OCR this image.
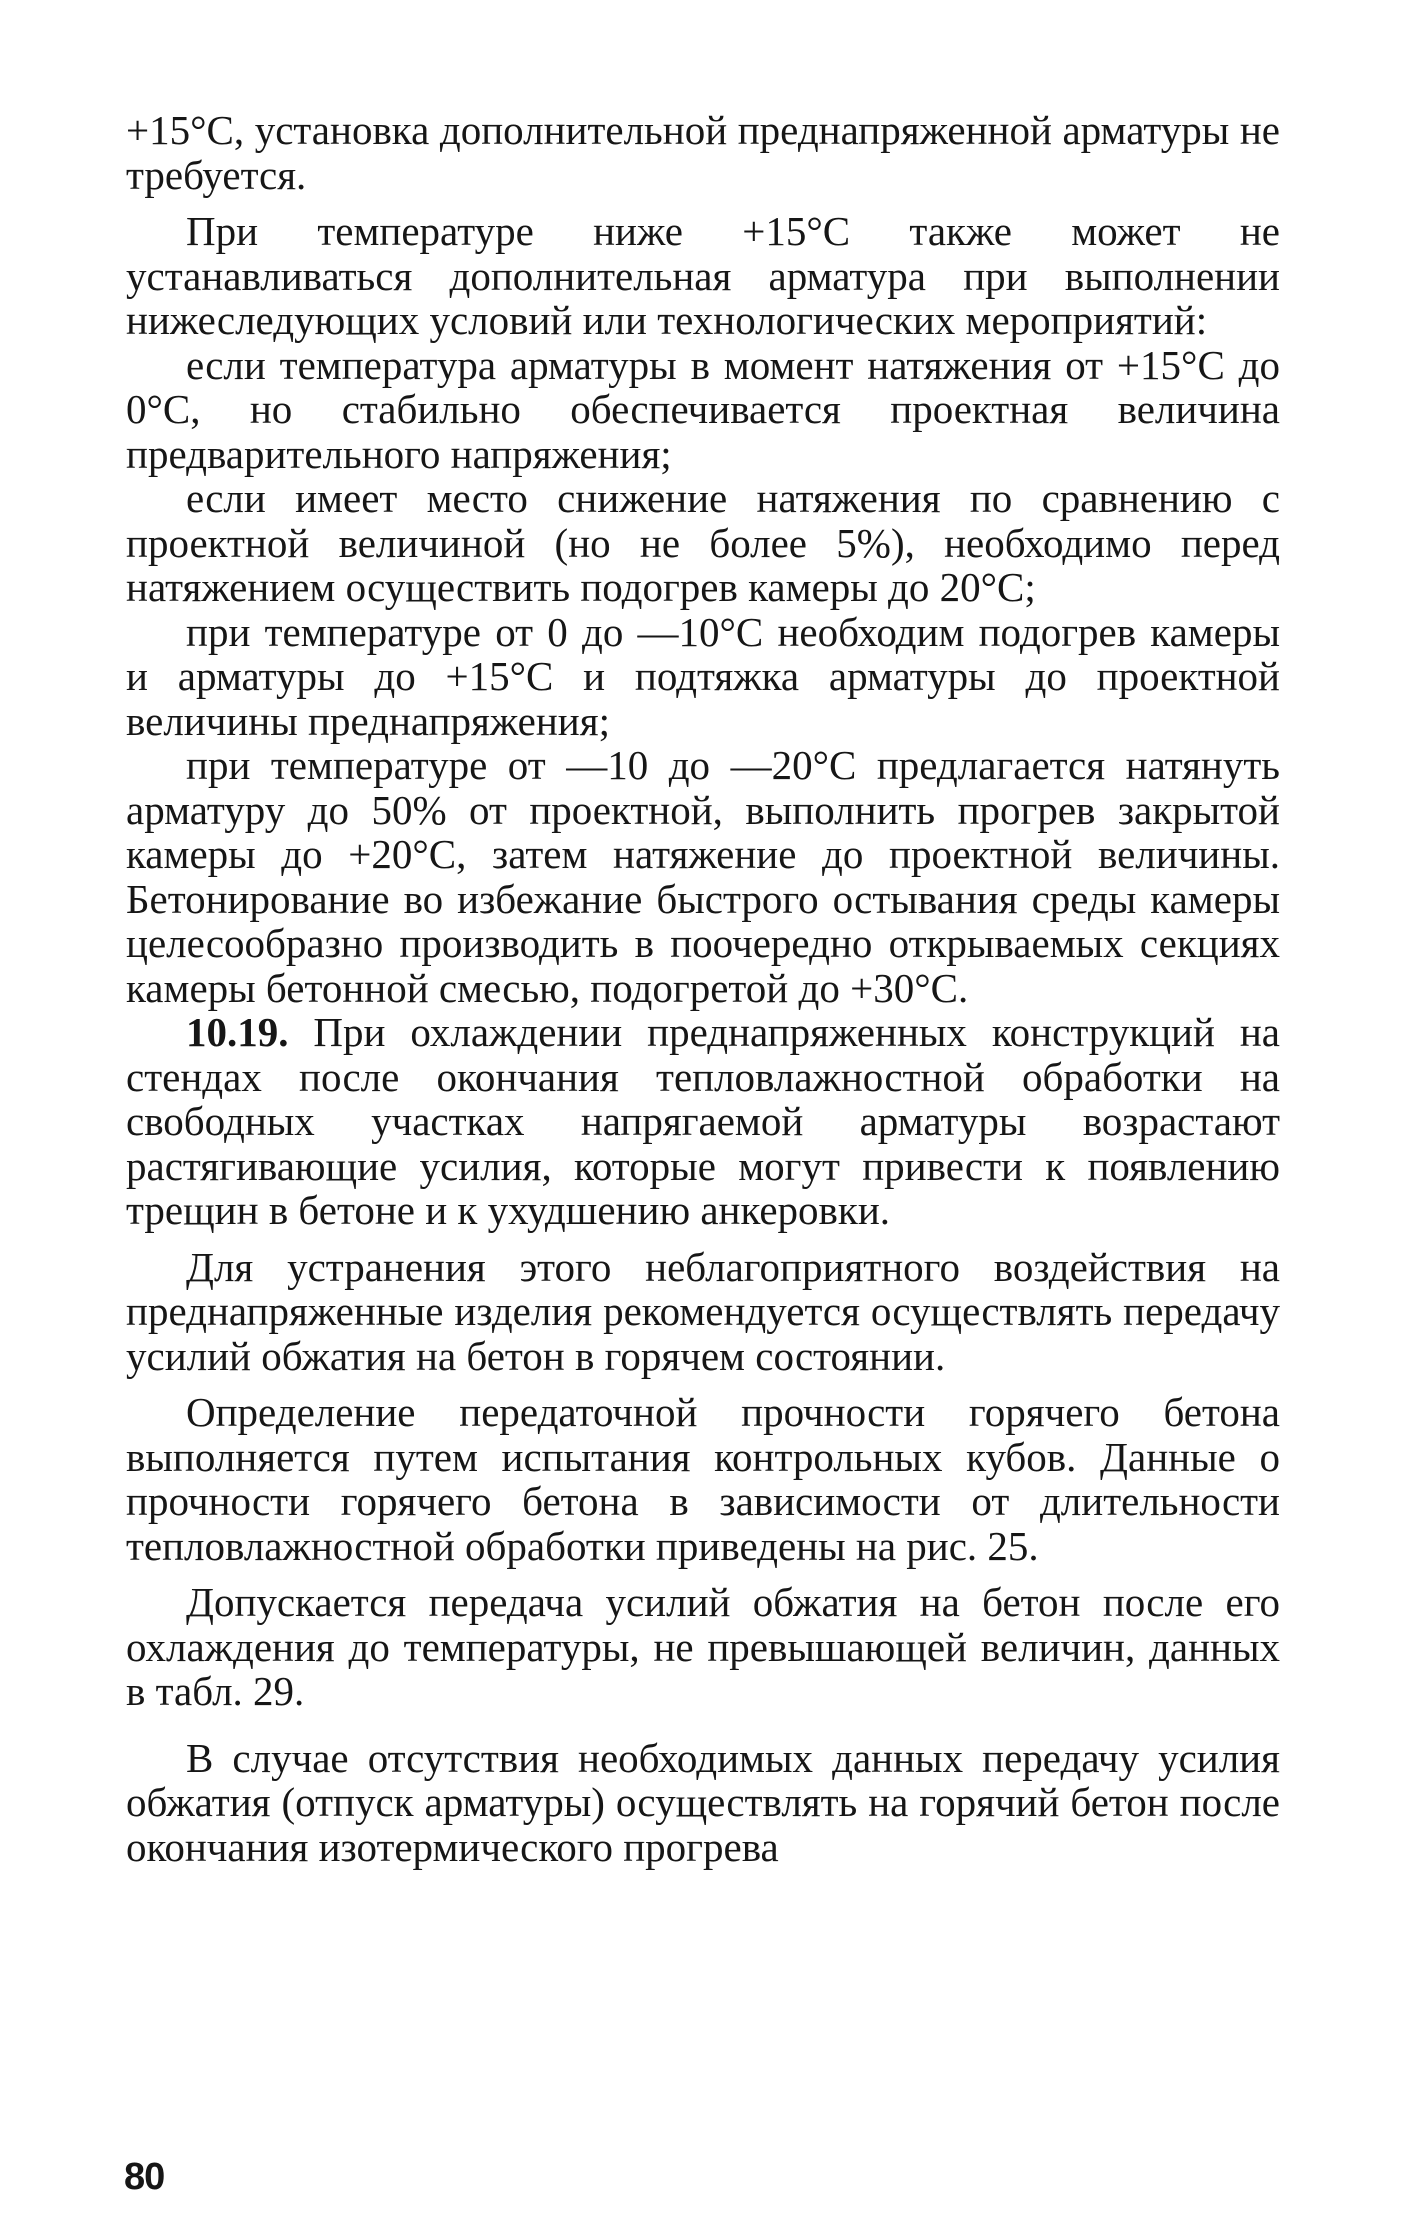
+15°С, установка дополнительной преднапряженной арматуры не требуется.

При температуре ниже +15°С также может не устанавливаться дополнительная арматура при выполнении нижеследующих условий или технологических мероприятий:

если температура арматуры в момент натяжения от +15°С до 0°С, но стабильно обеспечивается проектная величина предварительного напряжения;

если имеет место снижение натяжения по сравнению с проектной величиной (но не более 5%), необходимо перед натяжением осуществить подогрев камеры до 20°С;

при температуре от 0 до —10°С необходим подогрев камеры и арматуры до +15°С и подтяжка арматуры до проектной величины преднапряжения;

при температуре от —10 до —20°С предлагается натянуть арматуру до 50% от проектной, выполнить прогрев закрытой камеры до +20°С, затем натяжение до проектной величины. Бетонирование во избежание быстрого остывания среды камеры целесообразно производить в поочередно открываемых секциях камеры бетонной смесью, подогретой до +30°С.

10.19. При охлаждении преднапряженных конструкций на стендах после окончания тепловлажностной обработки на свободных участках напрягаемой арматуры возрастают растягивающие усилия, которые могут привести к появлению трещин в бетоне и к ухудшению анкеровки.

Для устранения этого неблагоприятного воздействия на преднапряженные изделия рекомендуется осуществлять передачу усилий обжатия на бетон в горячем состоянии.

Определение передаточной прочности горячего бетона выполняется путем испытания контрольных кубов. Данные о прочности горячего бетона в зависимости от длительности тепловлажностной обработки приведены на рис. 25.

Допускается передача усилий обжатия на бетон после его охлаждения до температуры, не превышающей величин, данных в табл. 29.

В случае отсутствия необходимых данных передачу усилия обжатия (отпуск арматуры) осуществлять на горячий бетон после окончания изотермического прогрева

80
